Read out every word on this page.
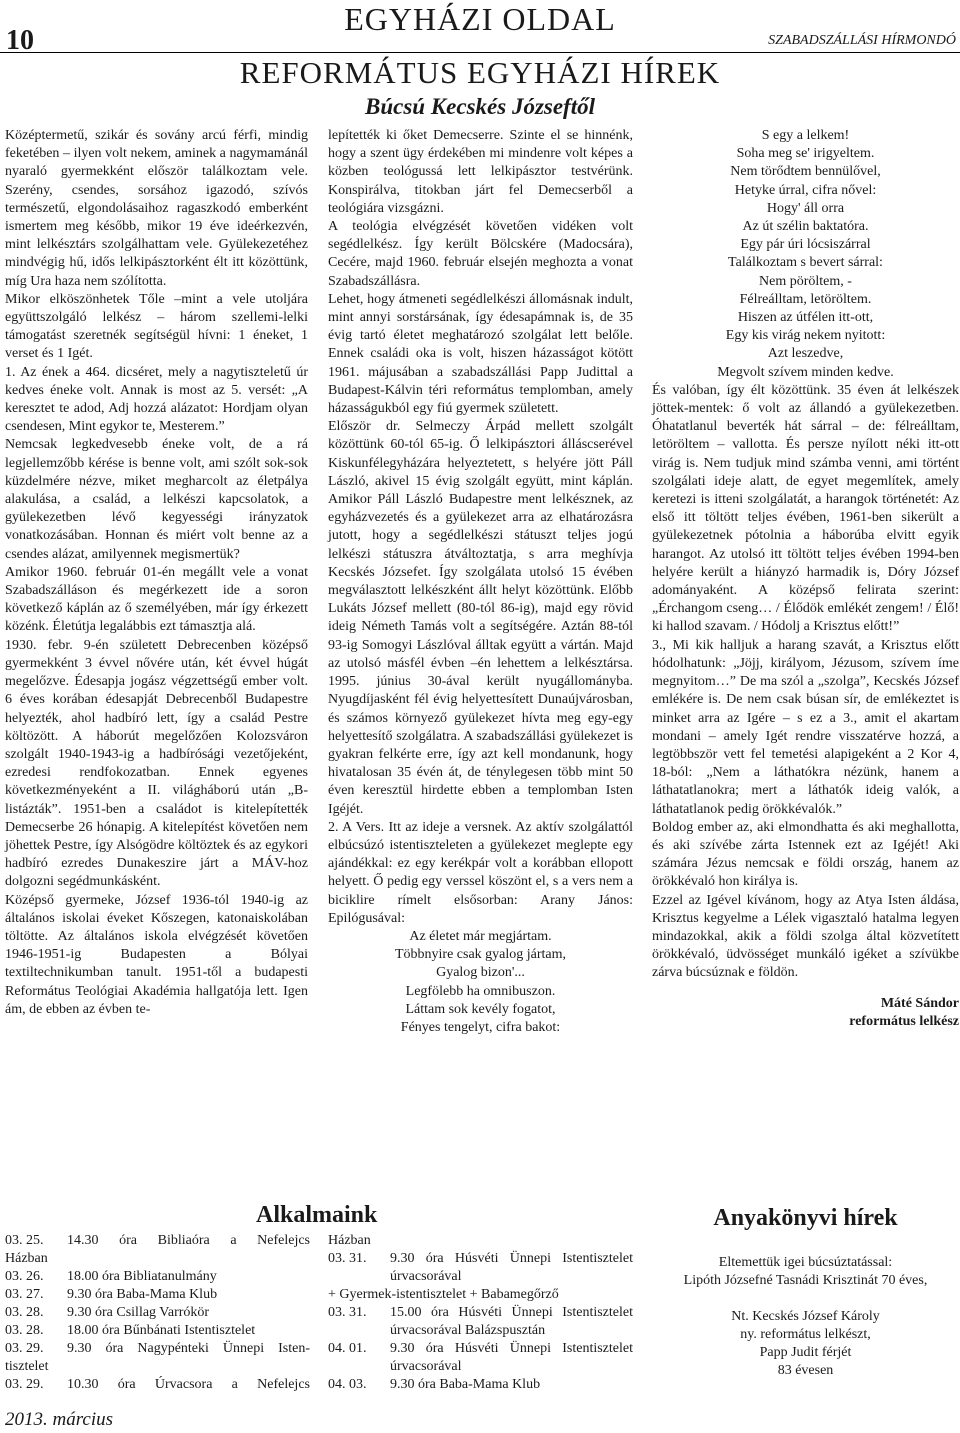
10
EGYHÁZI OLDAL
SZABADSZÁLLÁSI HÍRMONDÓ
REFORMÁTUS EGYHÁZI HÍREK
Búcsú Kecskés Józseftől

Középtermetű, szikár és sovány arcú férfi, mindig feketében – ilyen volt nekem, aminek a nagymamánál nyaraló gyermekként először találkoztam vele. Szerény, csendes, sorsához igazodó, szívós természetű, elgondolásaihoz ragaszkodó emberként ismertem meg később, mikor 19 éve ideérkezvén, mint lelkésztárs szolgálhattam vele. Gyülekezetéhez mindvégig hű, idős lelkipásztorként élt itt közöttünk, míg Ura haza nem szólította.

Mikor elköszönhetek Tőle –mint a vele utoljára együttszolgáló lelkész – három szellemi-lelki támogatást szeretnék segítségül hívni: 1 éneket, 1 verset és 1 Igét.

1. Az ének a 464. dicséret, mely a nagytiszteletű úr kedves éneke volt. Annak is most az 5. versét: „A keresztet te adod, Adj hozzá alázatot: Hordjam olyan csendesen, Mint egykor te, Mesterem.”

Nemcsak legkedvesebb éneke volt, de a rá legjellemzőbb kérése is benne volt, ami szólt sok-sok küzdelmére nézve, miket megharcolt az életpálya alakulása, a család, a lelkészi kapcsolatok, a gyülekezetben lévő kegyességi irányzatok vonatkozásában. Honnan és miért volt benne az a csendes alázat, amilyennek megismertük?

Amikor 1960. február 01-én megállt vele a vonat Szabadszálláson és megérkezett ide a soron következő káplán az ő személyében, már így érkezett közénk. Életútja legalábbis ezt támasztja alá.

1930. febr. 9-én született Debrecenben középső gyermekként 3 évvel nővére után, két évvel húgát megelőzve. Édesapja jogász végzettségű ember volt. 6 éves korában édesapját Debrecenből Budapestre helyezték, ahol hadbíró lett, így a család Pestre költözött. A háborút megelőzően Kolozsváron szolgált 1940-1943-ig a hadbírósági vezetőjeként, ezredesi rendfokozatban. Ennek egyenes következményeként a II. világháború után „B- listázták”. 1951-ben a családot is kitelepítették Demecserbe 26 hónapig. A kitelepítést követően nem jöhettek Pestre, így Alsógödre költöztek és az egykori hadbíró ezredes Dunakeszire járt a MÁV-hoz dolgozni segédmunkásként.

Középső gyermeke, József 1936-tól 1940-ig az általános iskolai éveket Kőszegen, katonaiskolában töltötte. Az általános iskola elvégzését követően 1946-1951-ig Budapesten a Bólyai textiltechnikumban tanult. 1951-től a budapesti Református Teológiai Akadémia hallgatója lett. Igen ám, de ebben az évben te-

lepítették ki őket Demecserre. Szinte el se hinnénk, hogy a szent ügy érdekében mi mindenre volt képes a közben teológussá lett lelkipásztor testvérünk. Konspirálva, titokban járt fel Demecserből a teológiára vizsgázni.

A teológia elvégzését követően vidéken volt segédlelkész. Így került Bölcskére (Madocsára), Cecére, majd 1960. február elsején meghozta a vonat Szabadszállásra.

Lehet, hogy átmeneti segédlelkészi állomásnak indult, mint annyi sorstársának, így édesapámnak is, de 35 évig tartó életet meghatározó szolgálat lett belőle. Ennek családi oka is volt, hiszen házasságot kötött 1961. májusában a szabadszállási Papp Judittal a Budapest-Kálvin téri református templomban, amely házasságukból egy fiú gyermek született.

Először dr. Selmeczy Árpád mellett szolgált közöttünk 60-tól 65-ig. Ő lelkipásztori álláscserével Kiskunfélegyházára helyeztetett, s helyére jött Páll László, akivel 15 évig szolgált együtt, mint káplán. Amikor Páll László Budapestre ment lelkésznek, az egyházvezetés és a gyülekezet arra az elhatározásra jutott, hogy a segédlelkészi státuszt teljes jogú lelkészi státuszra átváltoztatja, s arra meghívja Kecskés Józsefet. Így szolgálata utolsó 15 évében megválasztott lelkészként állt helyt közöttünk. Előbb Lukáts József mellett (80-tól 86-ig), majd egy rövid ideig Németh Tamás volt a segítségére. Aztán 88-tól 93-ig Somogyi Lászlóval álltak együtt a vártán. Majd az utolsó másfél évben –én lehettem a lelkésztársa. 1995. június 30-ával került nyugállományba. Nyugdíjasként fél évig helyettesített Dunaújvárosban, és számos környező gyülekezet hívta meg egy-egy helyettesítő szolgálatra. A szabadszállási gyülekezet is gyakran felkérte erre, így azt kell mondanunk, hogy hivatalosan 35 évén át, de ténylegesen több mint 50 éven keresztül hirdette ebben a templomban Isten Igéjét.

2. A Vers. Itt az ideje a versnek. Az aktív szolgálattól elbúcsúzó istentiszteleten a gyülekezet meglepte egy ajándékkal: ez egy kerékpár volt a korábban ellopott helyett. Ő pedig egy verssel köszönt el, s a vers nem a biciklire rímelt elsősorban: Arany János: Epilógusával:

Az életet már megjártam.

Többnyire csak gyalog jártam,

Gyalog bizon'...

Legfölebb ha omnibuszon.

Láttam sok kevély fogatot,

Fényes tengelyt, cifra bakot:

S egy a lelkem!

Soha meg se' irigyeltem.

Nem törődtem bennülővel,

Hetyke úrral, cifra nővel:

Hogy' áll orra

Az út szélin baktatóra.

Egy pár úri lócsiszárral

Találkoztam s bevert sárral:

Nem pöröltem, -

Félreálltam, letöröltem.

Hiszen az útfélen itt-ott,

Egy kis virág nekem nyitott:

Azt leszedve,

Megvolt szívem minden kedve.

És valóban, így élt közöttünk. 35 éven át lelkészek jöttek-mentek: ő volt az állandó a gyülekezetben. Óhatatlanul beverték hát sárral – de: félreálltam, letöröltem – vallotta. És persze nyílott néki itt-ott virág is. Nem tudjuk mind számba venni, ami történt szolgálati ideje alatt, de egyet megemlítek, amely keretezi is itteni szolgálatát, a harangok történetét: Az első itt töltött teljes évében, 1961-ben sikerült a gyülekezetnek pótolnia a háborúba elvitt egyik harangot. Az utolsó itt töltött teljes évében 1994-ben helyére került a hiányzó harmadik is, Dóry József adományaként. A középső felirata szerint: „Érchangom cseng… / Élődök emlékét zengem! / Élő! ki hallod szavam. / Hódolj a Krisztus előtt!”

3., Mi kik halljuk a harang szavát, a Krisztus előtt hódolhatunk: „Jöjj, királyom, Jézusom, szívem íme megnyitom…” De ma szól a „szolga”, Kecskés József emlékére is. De nem csak búsan sír, de emlékeztet is minket arra az Igére – s ez a 3., amit el akartam mondani – amely Igét rendre visszatérve hozzá, a legtöbbször vett fel temetési alapigeként a 2 Kor 4, 18-ból: „Nem a láthatókra nézünk, hanem a láthatatlanokra; mert a láthatók ideig valók, a láthatatlanok pedig örökkévalók.”

Boldog ember az, aki elmondhatta és aki meghallotta, és aki szívébe zárta Istennek ezt az Igéjét! Aki számára Jézus nemcsak e földi ország, hanem az örökkévaló hon királya is.

Ezzel az Igével kívánom, hogy az Atya Isten áldása, Krisztus kegyelme a Lélek vigasztaló hatalma legyen mindazokkal, akik a földi szolga által közvetített örökkévaló, üdvösséget munkáló igéket a szívükbe zárva búcsúznak e földön.

Máté Sándor
református lelkész
Alkalmaink
03. 25.	14.30 óra Bibliaóra a Nefelejcs
Házban
03. 26.	18.00 óra Bibliatanulmány
03. 27.	9.30 óra Baba-Mama Klub
03. 28.	9.30 óra Csillag Varrókör
03. 28.	18.00 óra Bűnbánati Istentisztelet
03. 29.	9.30 óra Nagypénteki Ünnepi Isten-
tisztelet
03. 29.	10.30 óra Úrvacsora a Nefelejcs
Házban
03. 31.	9.30 óra Húsvéti Ünnepi Istentisztelet úrvacsorával
+ Gyermek-istentisztelet + Babamegőrző
03. 31.	15.00 óra Húsvéti Ünnepi Istentisztelet úrvacsorával Balázspusztán
04. 01.	9.30 óra Húsvéti Ünnepi Istentisztelet úrvacsorával
04. 03.	9.30 óra Baba-Mama Klub
Anyakönyvi hírek

Eltemettük igei búcsúztatással:

Lipóth Józsefné Tasnádi Krisztinát 70 éves,

Nt. Kecskés József Károly

ny. református lelkészt,

Papp Judit férjét

83 évesen

2013. március
